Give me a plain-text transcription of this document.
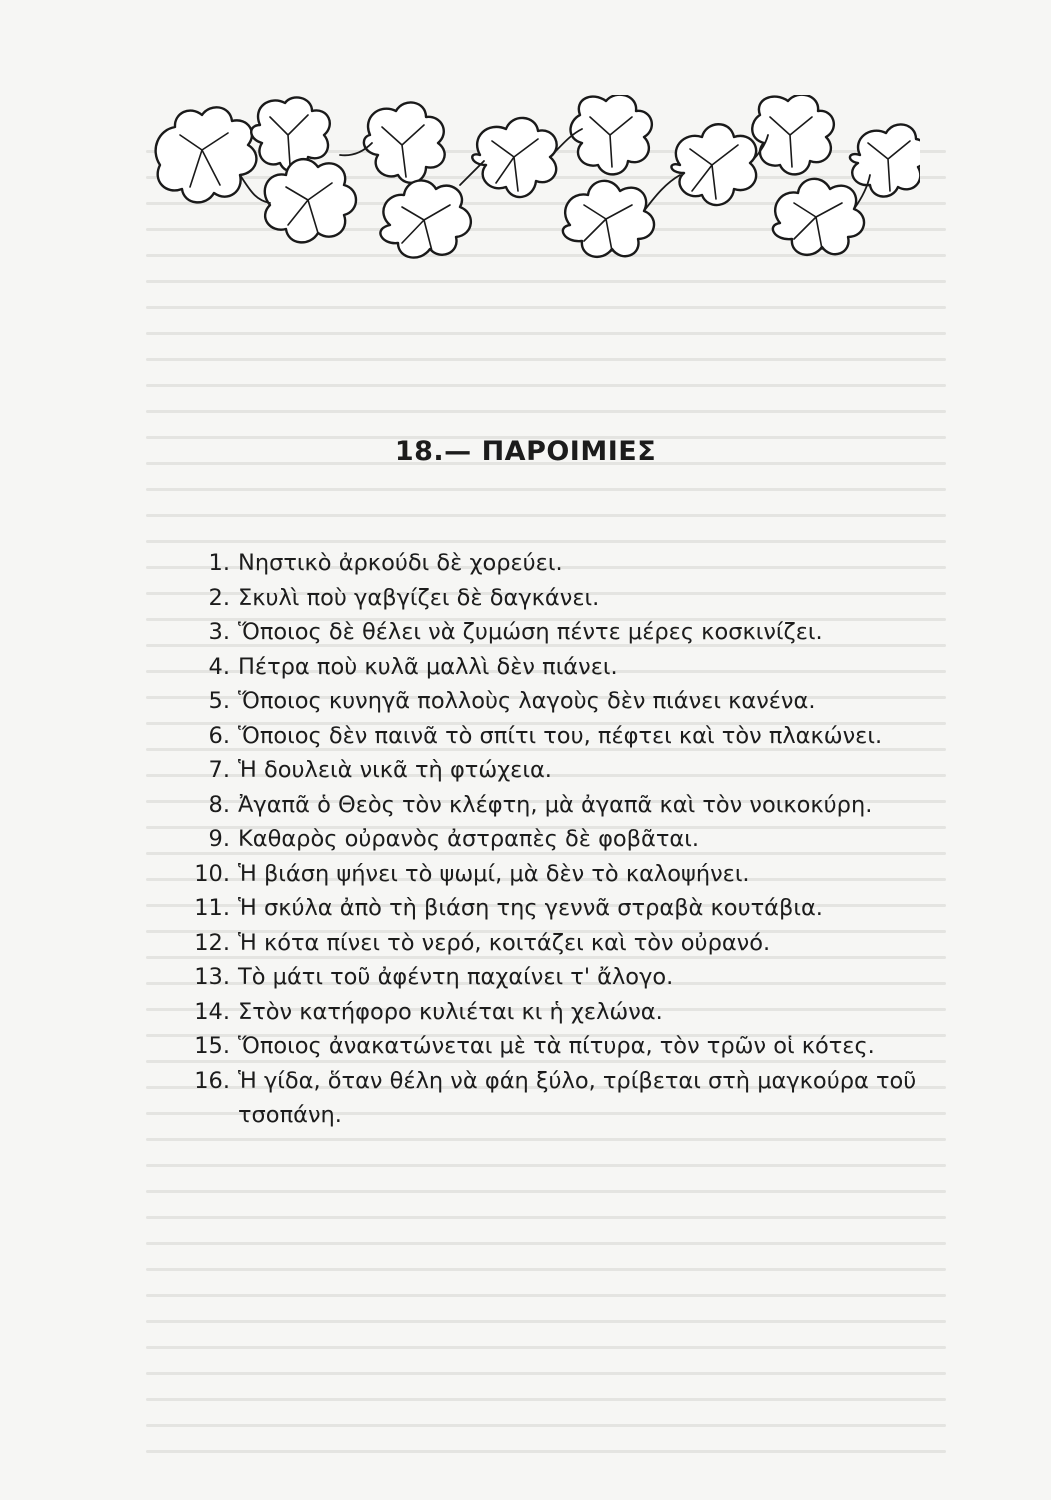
18.— ΠΑΡΟΙΜΙΕΣ
1. Νηστικὸ ἀρκούδι δὲ χορεύει.
2. Σκυλὶ ποὺ γαβγίζει δὲ δαγκάνει.
3. Ὅποιος δὲ θέλει νὰ ζυμώση πέντε μέρες κοσκινίζει.
4. Πέτρα ποὺ κυλᾶ μαλλὶ δὲν πιάνει.
5. Ὅποιος κυνηγᾶ πολλοὺς λαγοὺς δὲν πιάνει κανένα.
6. Ὅποιος δὲν παινᾶ τὸ σπίτι του, πέφτει καὶ τὸν πλακώνει.
7. Ἡ δουλειὰ νικᾶ τὴ φτώχεια.
8. Ἀγαπᾶ ὁ Θεὸς τὸν κλέφτη, μὰ ἀγαπᾶ καὶ τὸν νοικοκύρη.
9. Καθαρὸς οὐρανὸς ἀστραπὲς δὲ φοβᾶται.
10. Ἡ βιάση ψήνει τὸ ψωμί, μὰ δὲν τὸ καλοψήνει.
11. Ἡ σκύλα ἀπὸ τὴ βιάση της γεννᾶ στραβὰ κουτάβια.
12. Ἡ κότα πίνει τὸ νερό, κοιτάζει καὶ τὸν οὐρανό.
13. Τὸ μάτι τοῦ ἀφέντη παχαίνει τ' ἄλογο.
14. Στὸν κατήφορο κυλιέται κι ἡ χελώνα.
15. Ὅποιος ἀνακατώνεται μὲ τὰ πίτυρα, τὸν τρῶν οἱ κότες.
16. Ἡ γίδα, ὅταν θέλη νὰ φάη ξύλο, τρίβεται στὴ μαγκούρα τοῦ τσοπάνη.
